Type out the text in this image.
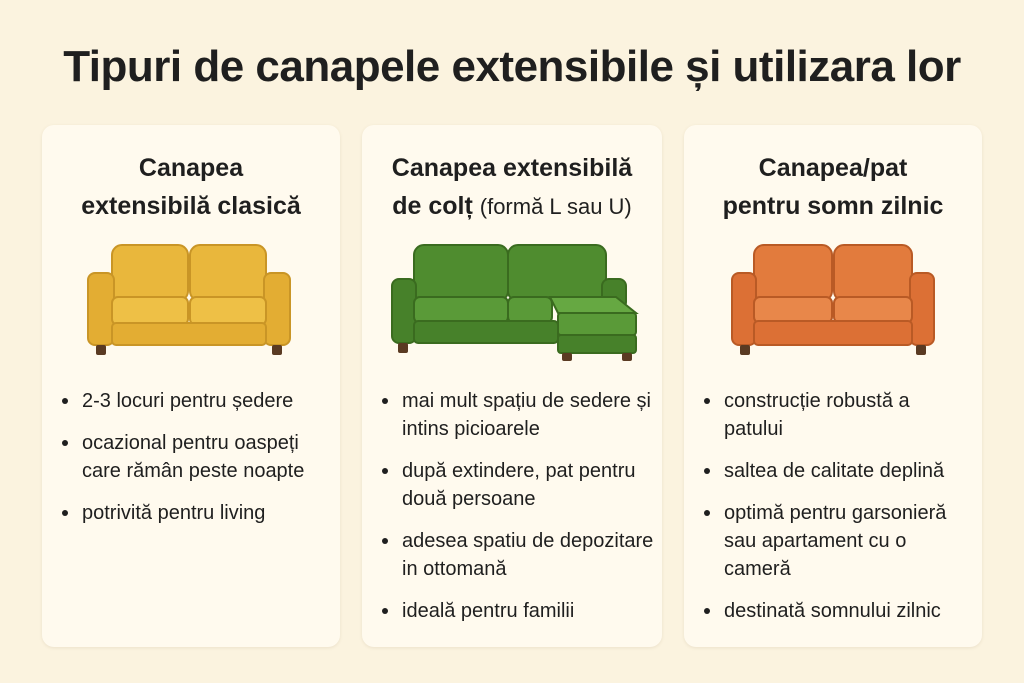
Tipuri de canapele extensibile și utilizara lor
Canapea
extensibilă clasică
2-3 locuri pentru ședere
ocazional pentru oaspeți care rămân peste noapte
potrivită pentru living
Canapea extensibilă
de colț (formă L sau U)
mai mult spațiu de sedere și intins picioarele
după extindere, pat pentru două persoane
adesea spatiu de depozitare in ottomană
ideală pentru familii
Canapea/pat
pentru somn zilnic
construcție robustă a patului
saltea de calitate deplină
optimă pentru garsonieră sau apartament cu o cameră
destinată somnului zilnic
